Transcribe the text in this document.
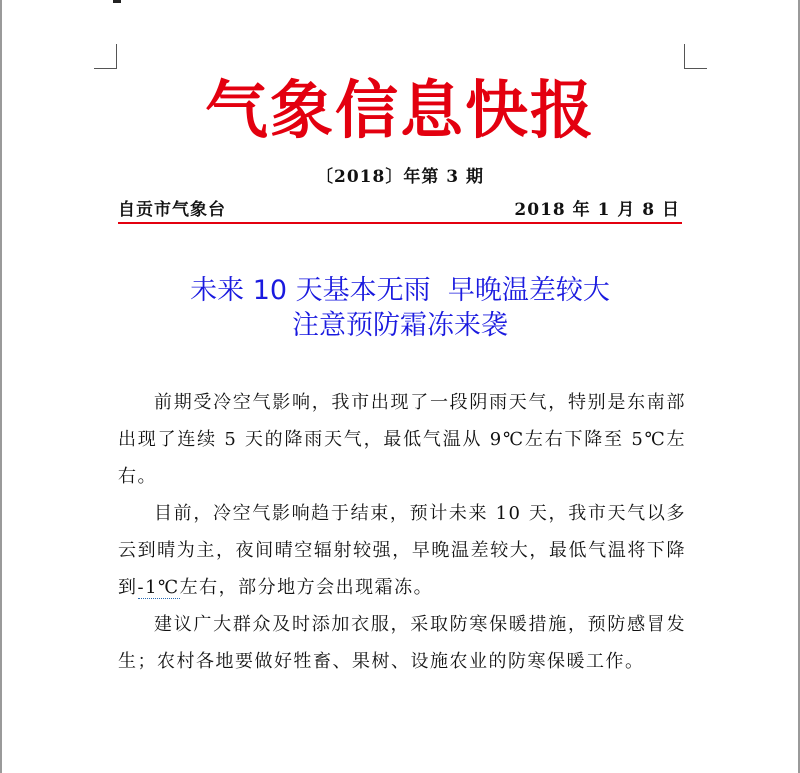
气象信息快报
〔2018〕年第 3 期
自贡市气象台	2018 年 1 月 8 日
未来 10 天基本无雨  早晚温差较大
注意预防霜冻来袭

前期受冷空气影响，我市出现了一段阴雨天气，特别是东南部出现了连续 5 天的降雨天气，最低气温从 9℃左右下降至 5℃左右。

目前，冷空气影响趋于结束，预计未来 10 天，我市天气以多云到晴为主，夜间晴空辐射较强，早晚温差较大，最低气温将下降到-1℃左右，部分地方会出现霜冻。

建议广大群众及时添加衣服，采取防寒保暖措施，预防感冒发生；农村各地要做好牲畜、果树、设施农业的防寒保暖工作。
